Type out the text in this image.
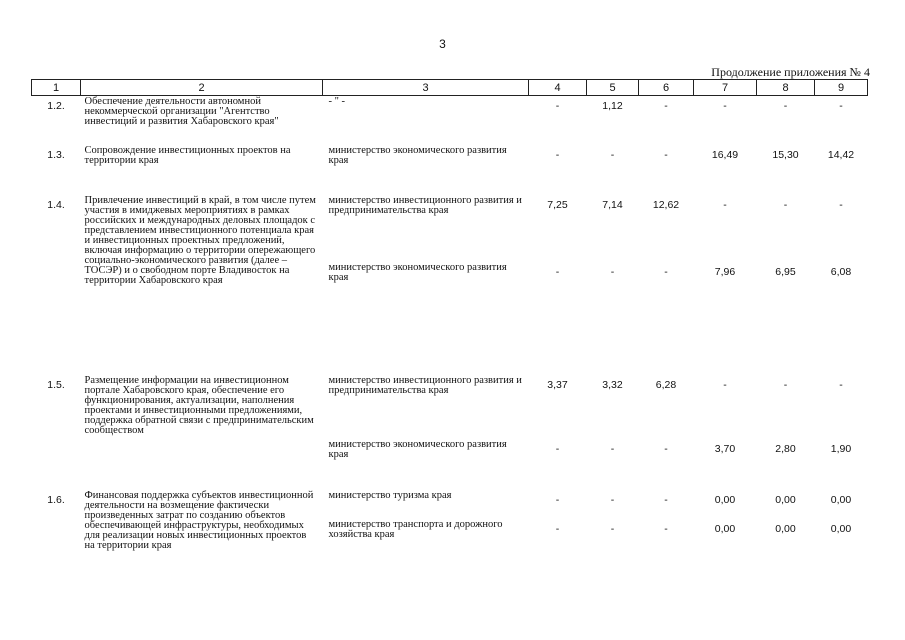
3
Продолжение приложения № 4
1	2	3	4	5	6	7	8	9
1.2.	Обеспечение деятельности автономной некоммерческой организации "Агентство инвестиций и развития Хабаровского края"	- " -	-	1,12	-	-	-	-
1.3.	Сопровождение инвестиционных проектов на территории края	министерство экономического развития края	-	-	-	16,49	15,30	14,42
1.4.	Привлечение инвестиций в край, в том числе путем участия в имиджевых мероприятиях в рамках российских и международных деловых площадок с представлением инвестиционного потенциала края и инвестиционных проектных предложений, включая информацию о территории опережающего социально-экономического развития (далее – ТОСЭР) и о свободном порте Владивосток на территории Хабаровского края	министерство инвестиционного развития и предпринимательства края	7,25	7,14	12,62	-	-	-
		министерство экономического развития края	-	-	-	7,96	6,95	6,08
1.5.	Размещение информации на инвестиционном портале Хабаровского края, обеспечение его функционирования, актуализации, наполнения проектами и инвестиционными предложениями, поддержка обратной связи с предпринимательским сообществом	министерство инвестиционного развития и предпринимательства края	3,37	3,32	6,28	-	-	-
		министерство экономического развития края	-	-	-	3,70	2,80	1,90
1.6.	Финансовая поддержка субъектов инвестиционной деятельности на возмещение фактически произведенных затрат по созданию объектов обеспечивающей инфраструктуры, необходимых для реализации новых инвестиционных проектов на территории края	министерство туризма края	-	-	-	0,00	0,00	0,00
		министерство транспорта и дорожного хозяйства края	-	-	-	0,00	0,00	0,00
